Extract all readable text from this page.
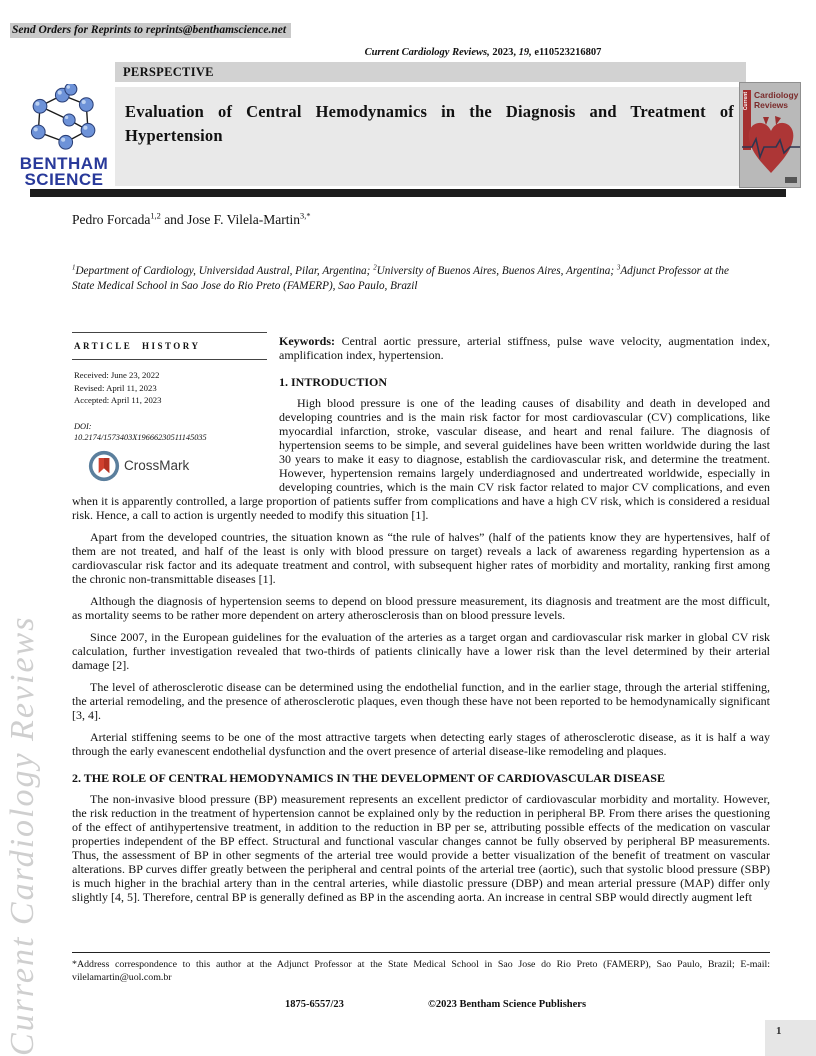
Send Orders for Reprints to reprints@benthamscience.net
Current Cardiology Reviews, 2023, 19, e110523216807
PERSPECTIVE
Evaluation of Central Hemodynamics in the Diagnosis and Treatment of Hypertension
BENTHAM
SCIENCE
Current Cardiology
Reviews
Pedro Forcada$^{1,2}$ and Jose F. Vilela-Martin$^{3,*}$
$^1$Department of Cardiology, Universidad Austral, Pilar, Argentina; $^2$University of Buenos Aires, Buenos Aires, Argentina; $^3$Adjunct Professor at the State Medical School in Sao Jose do Rio Preto (FAMERP), Sao Paulo, Brazil
ARTICLE HISTORY
Received: June 23, 2022
Revised: April 11, 2023
Accepted: April 11, 2023
DOI:
10.2174/1573403X19666230511145035
CrossMark

Keywords: Central aortic pressure, arterial stiffness, pulse wave velocity, augmentation index, amplification index, hypertension.

1. INTRODUCTION

High blood pressure is one of the leading causes of disability and death in developed and developing countries and is the main risk factor for most cardiovascular (CV) complications, like myocardial infarction, stroke, vascular disease, and heart and renal failure. The diagnosis of hypertension seems to be simple, and several guidelines have been written worldwide during the last 30 years to make it easy to diagnose, establish the cardiovascular risk, and determine the treatment. However, hypertension remains largely underdiagnosed and undertreated worldwide, especially in developing countries, which is the main CV risk factor related to major CV complications, and even when it is apparently controlled, a large proportion of patients suffer from complications and have a high CV risk, which is considered a residual risk. Hence, a call to action is urgently needed to modify this situation [1].

Apart from the developed countries, the situation known as “the rule of halves” (half of the patients know they are hypertensives, half of them are not treated, and half of the least is only with blood pressure on target) reveals a lack of awareness regarding hypertension as a cardiovascular risk factor and its adequate treatment and control, with subsequent higher rates of morbidity and mortality, ranking first among the chronic non-transmittable diseases [1].

Although the diagnosis of hypertension seems to depend on blood pressure measurement, its diagnosis and treatment are the most difficult, as mortality seems to be rather more dependent on artery atherosclerosis than on blood pressure levels.

Since 2007, in the European guidelines for the evaluation of the arteries as a target organ and cardiovascular risk marker in global CV risk calculation, further investigation revealed that two-thirds of patients clinically have a lower risk than the level determined by their arterial damage [2].

The level of atherosclerotic disease can be determined using the endothelial function, and in the earlier stage, through the arterial stiffening, the arterial remodeling, and the presence of atherosclerotic plaques, even though these have not been reported to be hemodynamically significant [3, 4].

Arterial stiffening seems to be one of the most attractive targets when detecting early stages of atherosclerotic disease, as it is half a way through the early evanescent endothelial dysfunction and the overt presence of arterial disease-like remodeling and plaques.

2. THE ROLE OF CENTRAL HEMODYNAMICS IN THE DEVELOPMENT OF CARDIOVASCULAR DISEASE

The non-invasive blood pressure (BP) measurement represents an excellent predictor of cardiovascular morbidity and mortality. However, the risk reduction in the treatment of hypertension cannot be explained only by the reduction in peripheral BP. From there arises the questioning of the effect of antihypertensive treatment, in addition to the reduction in BP per se, attributing possible effects of the medication on vascular properties independent of the BP effect. Structural and functional vascular changes cannot be fully observed by peripheral BP measurements. Thus, the assessment of BP in other segments of the arterial tree would provide a better visualization of the benefit of treatment on vascular alterations. BP curves differ greatly between the peripheral and central points of the arterial tree (aortic), such that systolic blood pressure (SBP) is much higher in the brachial artery than in the central arteries, while diastolic pressure (DBP) and mean arterial pressure (MAP) differ only slightly [4, 5]. Therefore, central BP is generally defined as BP in the ascending aorta. An increase in central SBP would directly augment left

*Address correspondence to this author at the Adjunct Professor at the State Medical School in Sao Jose do Rio Preto (FAMERP), Sao Paulo, Brazil; E-mail: vilelamartin@uol.com.br
1875-6557/23	©2023 Bentham Science Publishers
Current Cardiology Reviews	1
